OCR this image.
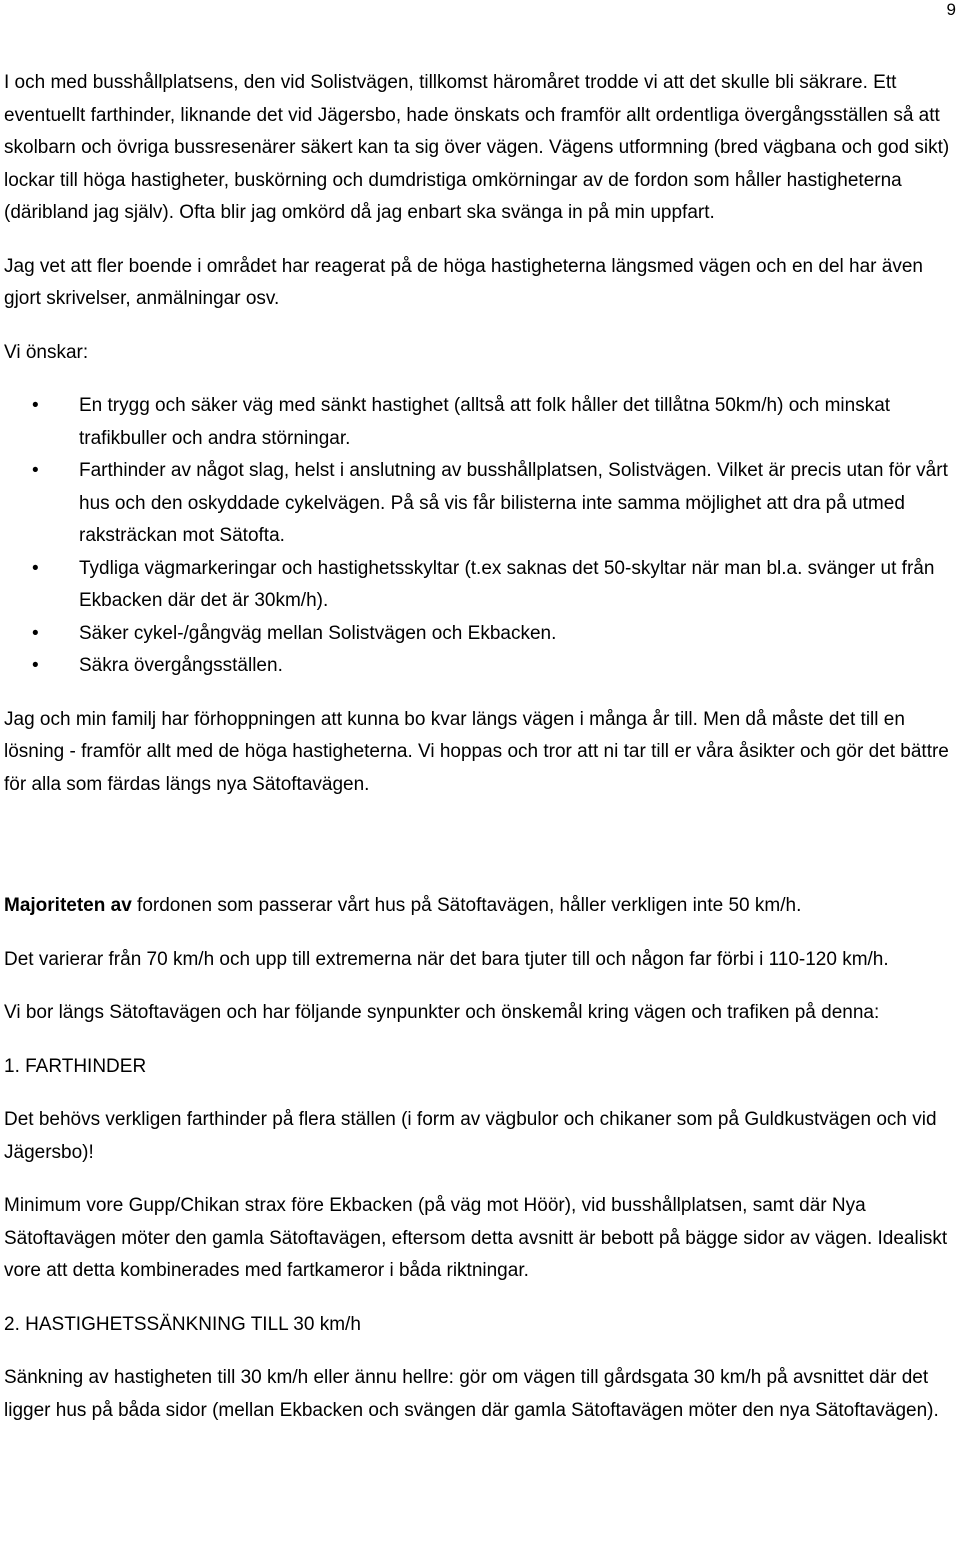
9

I och med busshållplatsens, den vid Solistvägen, tillkomst häromåret trodde vi att det skulle bli säkrare. Ett eventuellt farthinder, liknande det vid Jägersbo, hade önskats och framför allt ordentliga övergångsställen så att skolbarn och övriga bussresenärer säkert kan ta sig över vägen. Vägens utformning (bred vägbana och god sikt) lockar till höga hastigheter, buskörning och dumdristiga omkörningar av de fordon som håller hastigheterna (däribland jag själv). Ofta blir jag omkörd då jag enbart ska svänga in på min uppfart.

Jag vet att fler boende i området har reagerat på de höga hastigheterna längsmed vägen och en del har även gjort skrivelser, anmälningar osv.

Vi önskar:

• En trygg och säker väg med sänkt hastighet (alltså att folk håller det tillåtna 50km/h) och minskat trafikbuller och andra störningar.
• Farthinder av något slag, helst i anslutning av busshållplatsen, Solistvägen. Vilket är precis utan för vårt hus och den oskyddade cykelvägen. På så vis får bilisterna inte samma möjlighet att dra på utmed raksträckan mot Sätofta.
• Tydliga vägmarkeringar och hastighetsskyltar (t.ex saknas det 50-skyltar när man bl.a. svänger ut från Ekbacken där det är 30km/h).
• Säker cykel-/gångväg mellan Solistvägen och Ekbacken.
• Säkra övergångsställen.

Jag och min familj har förhoppningen att kunna bo kvar längs vägen i många år till. Men då måste det till en lösning - framför allt med de höga hastigheterna. Vi hoppas och tror att ni tar till er våra åsikter och gör det bättre för alla som färdas längs nya Sätoftavägen.

Majoriteten av fordonen som passerar vårt hus på Sätoftavägen, håller verkligen inte 50 km/h.

Det varierar från 70 km/h och upp till extremerna när det bara tjuter till och någon far förbi i 110-120 km/h.

Vi bor längs Sätoftavägen och har följande synpunkter och önskemål kring vägen och trafiken på denna:

1. FARTHINDER

Det behövs verkligen farthinder på flera ställen (i form av vägbulor och chikaner som på Guldkustvägen och vid Jägersbo)!

Minimum vore Gupp/Chikan strax före Ekbacken (på väg mot Höör), vid busshållplatsen, samt där Nya Sätoftavägen möter den gamla Sätoftavägen, eftersom detta avsnitt är bebott på bägge sidor av vägen. Idealiskt vore att detta kombinerades med fartkameror i båda riktningar.

2. HASTIGHETSSÄNKNING TILL 30 km/h

Sänkning av hastigheten till 30 km/h eller ännu hellre: gör om vägen till gårdsgata 30 km/h på avsnittet där det ligger hus på båda sidor (mellan Ekbacken och svängen där gamla Sätoftavägen möter den nya Sätoftavägen).
